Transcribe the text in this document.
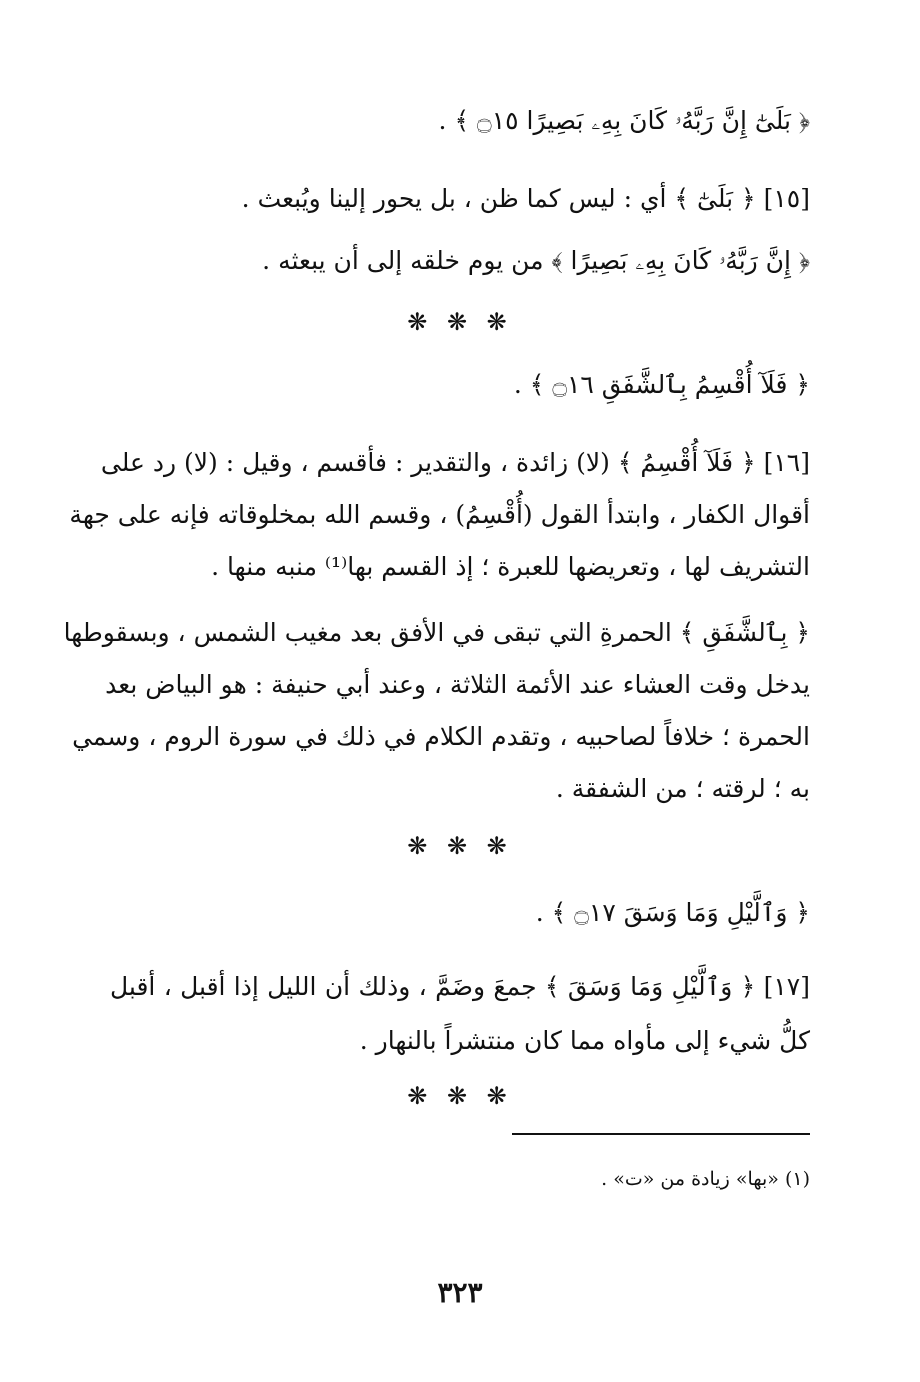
﴿ بَلَىٰٓ إِنَّ رَبَّهُۥ كَانَ بِهِۦ بَصِيرًا ۝١٥ ﴾ .
[١٥] ﴿ بَلَىٰٓ ﴾ أي : ليس كما ظن ، بل يحور إلينا ويُبعث .
﴿ إِنَّ رَبَّهُۥ كَانَ بِهِۦ بَصِيرًا ﴾ من يوم خلقه إلى أن يبعثه .
❋ ❋ ❋
﴿ فَلَآ أُقْسِمُ بِٱلشَّفَقِ ۝١٦ ﴾ .
[١٦] ﴿ فَلَآ أُقْسِمُ ﴾ (لا) زائدة ، والتقدير : فأقسم ، وقيل : (لا) رد على
أقوال الكفار ، وابتدأ القول (أُقْسِمُ) ، وقسم الله بمخلوقاته فإنه على جهة
التشريف لها ، وتعريضها للعبرة ؛ إذ القسم بها⁽¹⁾ منبه منها .
﴿ بِٱلشَّفَقِ ﴾ الحمرةِ التي تبقى في الأفق بعد مغيب الشمس ، وبسقوطها
يدخل وقت العشاء عند الأئمة الثلاثة ، وعند أبي حنيفة : هو البياض بعد
الحمرة ؛ خلافاً لصاحبيه ، وتقدم الكلام في ذلك في سورة الروم ، وسمي
به ؛ لرقته ؛ من الشفقة .
❋ ❋ ❋
﴿ وَٱلَّيْلِ وَمَا وَسَقَ ۝١٧ ﴾ .
[١٧] ﴿ وَٱلَّيْلِ وَمَا وَسَقَ ﴾ جمعَ وضَمَّ ، وذلك أن الليل إذا أقبل ، أقبل
كلُّ شيء إلى مأواه مما كان منتشراً بالنهار .
❋ ❋ ❋
(١) «بها» زيادة من «ت» .
٣٢٣
